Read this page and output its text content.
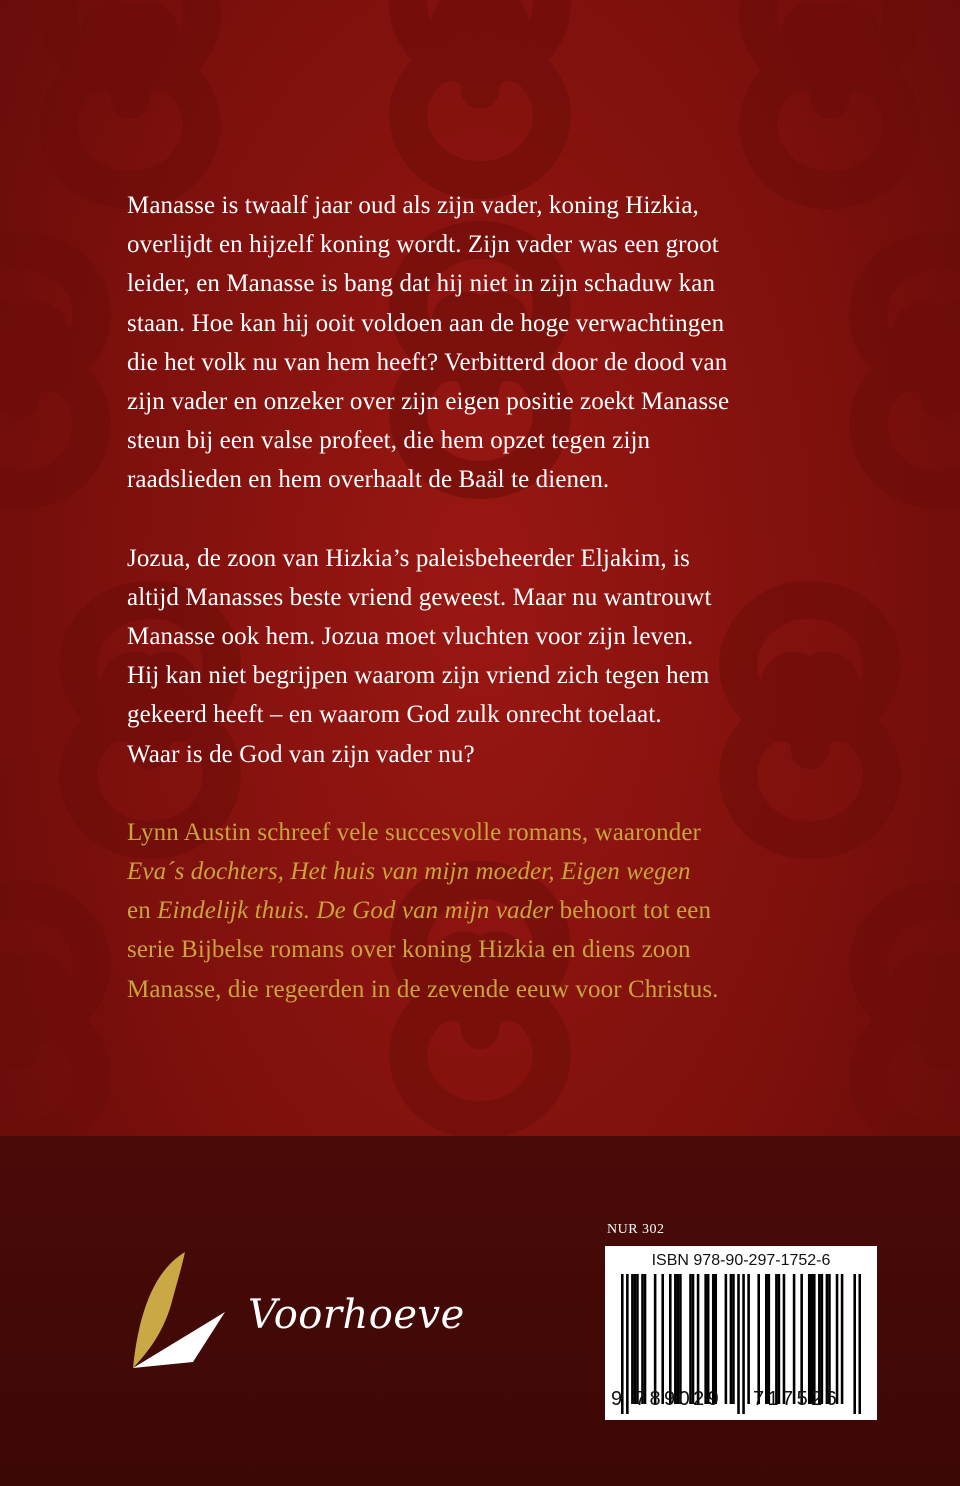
Manasse is twaalf jaar oud als zijn vader, koning Hizkia,
overlijdt en hijzelf koning wordt. Zijn vader was een groot
leider, en Manasse is bang dat hij niet in zijn schaduw kan
staan. Hoe kan hij ooit voldoen aan de hoge verwachtingen
die het volk nu van hem heeft? Verbitterd door de dood van
zijn vader en onzeker over zijn eigen positie zoekt Manasse
steun bij een valse profeet, die hem opzet tegen zijn
raadslieden en hem overhaalt de Baäl te dienen.

Jozua, de zoon van Hizkia’s paleisbeheerder Eljakim, is
altijd Manasses beste vriend geweest. Maar nu wantrouwt
Manasse ook hem. Jozua moet vluchten voor zijn leven.
Hij kan niet begrijpen waarom zijn vriend zich tegen hem
gekeerd heeft – en waarom God zulk onrecht toelaat.
Waar is de God van zijn vader nu?

Lynn Austin schreef vele succesvolle romans, waaronder
Eva´s dochters, Het huis van mijn moeder, Eigen wegen
en Eindelijk thuis. De God van mijn vader behoort tot een
serie Bijbelse romans over koning Hizkia en diens zoon
Manasse, die regeerden in de zevende eeuw voor Christus.

Voorhoeve
NUR 302
ISBN 978-90-297-1752-6
9 789029 717526
